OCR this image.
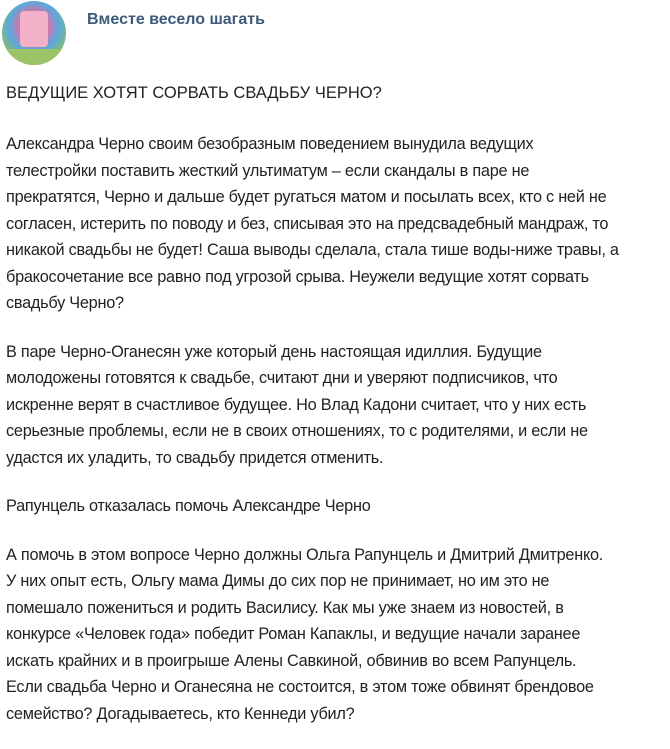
Вместе весело шагать
ВЕДУЩИЕ ХОТЯТ СОРВАТЬ СВАДЬБУ ЧЕРНО?
Александра Черно своим безобразным поведением вынудила ведущих
телестройки поставить жесткий ультиматум – если скандалы в паре не
прекратятся, Черно и дальше будет ругаться матом и посылать всех, кто с ней не
согласен, истерить по поводу и без, списывая это на предсвадебный мандраж, то
никакой свадьбы не будет! Саша выводы сделала, стала тише воды-ниже травы, а
бракосочетание все равно под угрозой срыва. Неужели ведущие хотят сорвать
свадьбу Черно?
В паре Черно-Оганесян уже который день настоящая идиллия. Будущие
молодожены готовятся к свадьбе, считают дни и уверяют подписчиков, что
искренне верят в счастливое будущее. Но Влад Кадони считает, что у них есть
серьезные проблемы, если не в своих отношениях, то с родителями, и если не
удастся их уладить, то свадьбу придется отменить.
Рапунцель отказалась помочь Александре Черно
А помочь в этом вопросе Черно должны Ольга Рапунцель и Дмитрий Дмитренко.
У них опыт есть, Ольгу мама Димы до сих пор не принимает, но им это не
помешало пожениться и родить Василису. Как мы уже знаем из новостей, в
конкурсе «Человек года» победит Роман Капаклы, и ведущие начали заранее
искать крайних и в проигрыше Алены Савкиной, обвинив во всем Рапунцель.
Если свадьба Черно и Оганесяна не состоится, в этом тоже обвинят брендовое
семейство? Догадываетесь, кто Кеннеди убил?
